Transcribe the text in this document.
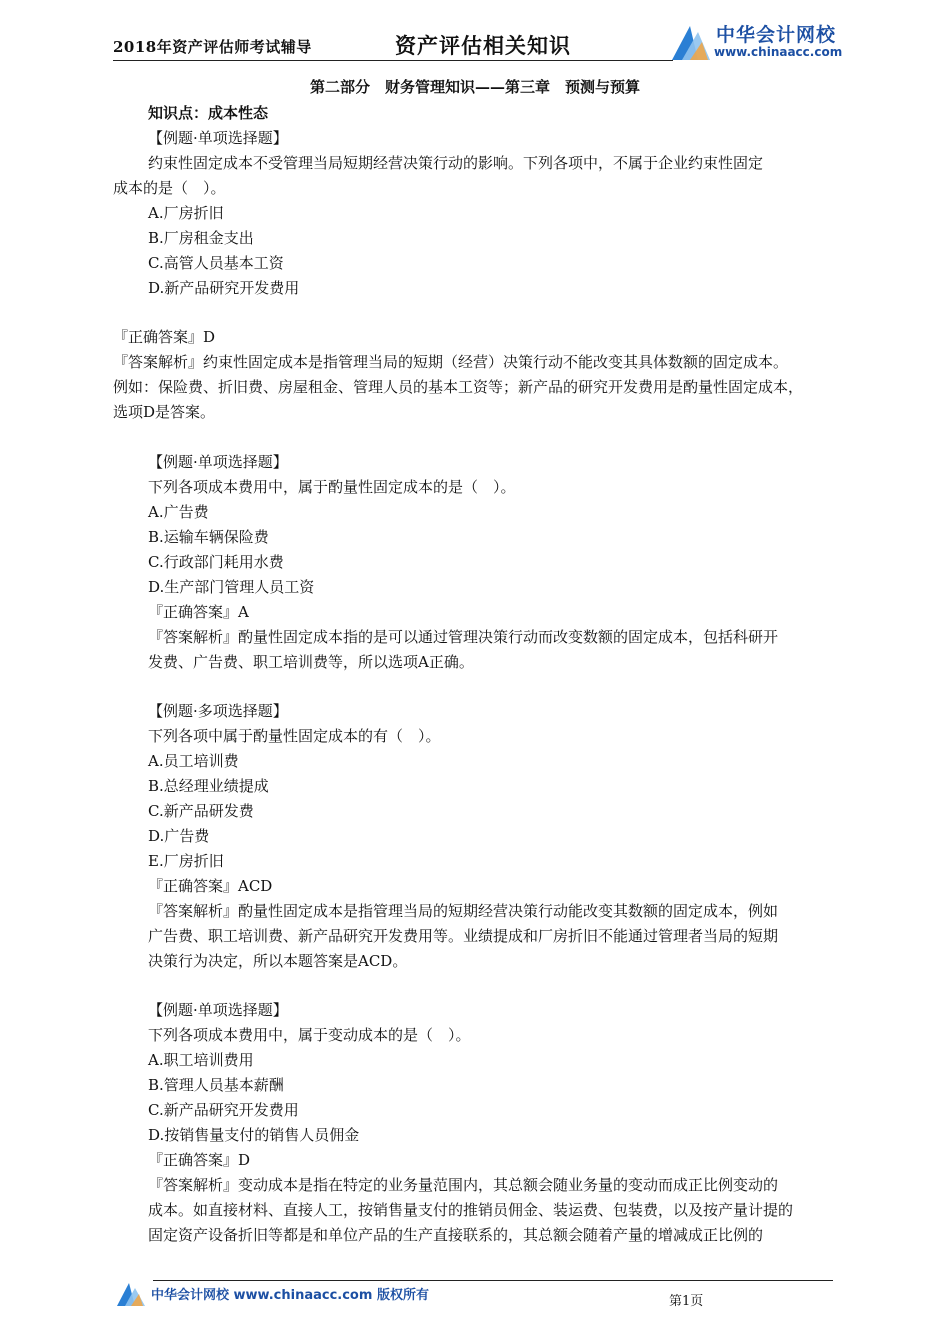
2018年资产评估师考试辅导	资产评估相关知识	中华会计网校
www.chinaacc.com
第二部分　财务管理知识——第三章　预测与预算
知识点：成本性态
【例题·单项选择题】
约束性固定成本不受管理当局短期经营决策行动的影响。下列各项中，不属于企业约束性固定
成本的是（　）。
A.厂房折旧
B.厂房租金支出
C.高管人员基本工资
D.新产品研究开发费用
『正确答案』D
『答案解析』约束性固定成本是指管理当局的短期（经营）决策行动不能改变其具体数额的固定成本。
例如：保险费、折旧费、房屋租金、管理人员的基本工资等；新产品的研究开发费用是酌量性固定成本，
选项D是答案。
【例题·单项选择题】
下列各项成本费用中，属于酌量性固定成本的是（　）。
A.广告费
B.运输车辆保险费
C.行政部门耗用水费
D.生产部门管理人员工资
『正确答案』A
『答案解析』酌量性固定成本指的是可以通过管理决策行动而改变数额的固定成本，包括科研开
发费、广告费、职工培训费等，所以选项A正确。
【例题·多项选择题】
下列各项中属于酌量性固定成本的有（　）。
A.员工培训费
B.总经理业绩提成
C.新产品研发费
D.广告费
E.厂房折旧
『正确答案』ACD
『答案解析』酌量性固定成本是指管理当局的短期经营决策行动能改变其数额的固定成本，例如
广告费、职工培训费、新产品研究开发费用等。业绩提成和厂房折旧不能通过管理者当局的短期
决策行为决定，所以本题答案是ACD。
【例题·单项选择题】
下列各项成本费用中，属于变动成本的是（　）。
A.职工培训费用
B.管理人员基本薪酬
C.新产品研究开发费用
D.按销售量支付的销售人员佣金
『正确答案』D
『答案解析』变动成本是指在特定的业务量范围内，其总额会随业务量的变动而成正比例变动的
成本。如直接材料、直接人工，按销售量支付的推销员佣金、装运费、包装费，以及按产量计提的
固定资产设备折旧等都是和单位产品的生产直接联系的，其总额会随着产量的增减成正比例的
中华会计网校 www.chinaacc.com 版权所有	第1页
